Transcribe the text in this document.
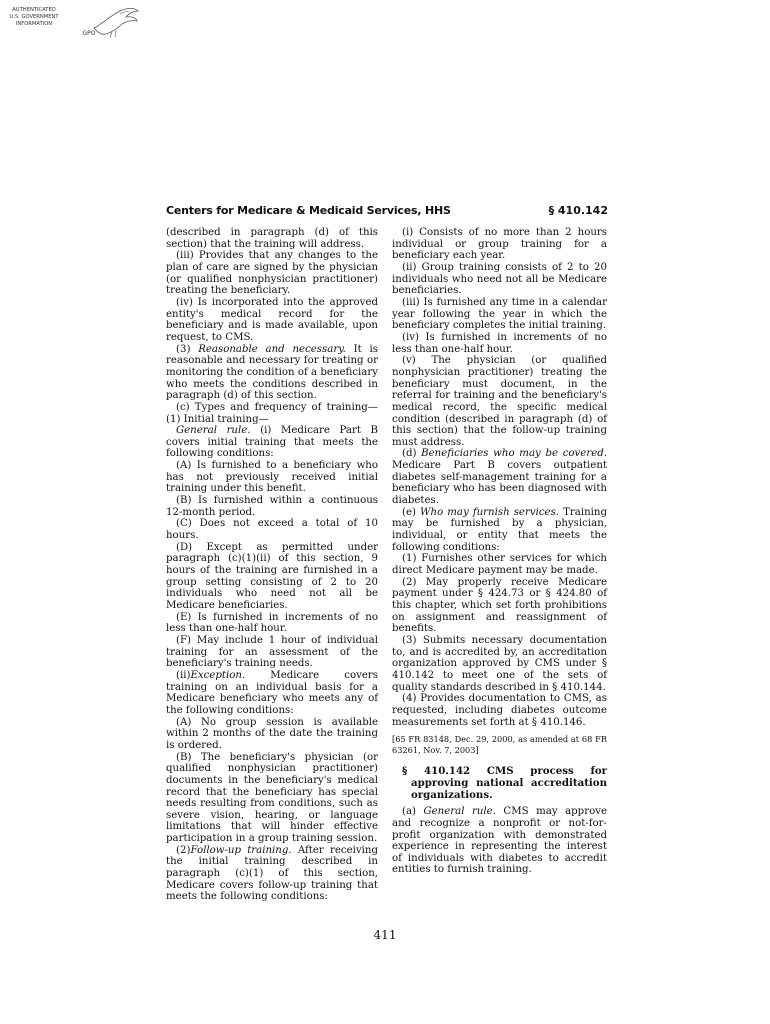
AUTHENTICATED
U.S. GOVERNMENT
INFORMATION
GPO
Centers for Medicare & Medicaid Services, HHS	§ 410.142

(described in paragraph (d) of this section) that the training will address.

(iii) Provides that any changes to the plan of care are signed by the physician (or qualified nonphysician practitioner) treating the beneficiary.

(iv) Is incorporated into the approved entity's medical record for the beneficiary and is made available, upon request, to CMS.

(3) Reasonable and necessary. It is reasonable and necessary for treating or monitoring the condition of a beneficiary who meets the conditions described in paragraph (d) of this section.

(c) Types and frequency of training—(1) Initial training—

General rule. (i) Medicare Part B covers initial training that meets the following conditions:

(A) Is furnished to a beneficiary who has not previously received initial training under this benefit.

(B) Is furnished within a continuous 12-month period.

(C) Does not exceed a total of 10 hours.

(D) Except as permitted under paragraph (c)(1)(ii) of this section, 9 hours of the training are furnished in a group setting consisting of 2 to 20 individuals who need not all be Medicare beneficiaries.

(E) Is furnished in increments of no less than one-half hour.

(F) May include 1 hour of individual training for an assessment of the beneficiary's training needs.

(ii)Exception. Medicare covers training on an individual basis for a Medicare beneficiary who meets any of the following conditions:

(A) No group session is available within 2 months of the date the training is ordered.

(B) The beneficiary's physician (or qualified nonphysician practitioner) documents in the beneficiary's medical record that the beneficiary has special needs resulting from conditions, such as severe vision, hearing, or language limitations that will hinder effective participation in a group training session.

(2)Follow-up training. After receiving the initial training described in paragraph (c)(1) of this section, Medicare covers follow-up training that meets the following conditions:

(i) Consists of no more than 2 hours individual or group training for a beneficiary each year.

(ii) Group training consists of 2 to 20 individuals who need not all be Medicare beneficiaries.

(iii) Is furnished any time in a calendar year following the year in which the beneficiary completes the initial training.

(iv) Is furnished in increments of no less than one-half hour.

(v) The physician (or qualified nonphysician practitioner) treating the beneficiary must document, in the referral for training and the beneficiary's medical record, the specific medical condition (described in paragraph (d) of this section) that the follow-up training must address.

(d) Beneficiaries who may be covered. Medicare Part B covers outpatient diabetes self-management training for a beneficiary who has been diagnosed with diabetes.

(e) Who may furnish services. Training may be furnished by a physician, individual, or entity that meets the following conditions:

(1) Furnishes other services for which direct Medicare payment may be made.

(2) May properly receive Medicare payment under § 424.73 or § 424.80 of this chapter, which set forth prohibitions on assignment and reassignment of benefits.

(3) Submits necessary documentation to, and is accredited by, an accreditation organization approved by CMS under § 410.142 to meet one of the sets of quality standards described in § 410.144.

(4) Provides documentation to CMS, as requested, including diabetes outcome measurements set forth at § 410.146.

[65 FR 83148, Dec. 29, 2000, as amended at 68 FR 63261, Nov. 7, 2003]

§ 410.142 CMS process for approving national accreditation organizations.

(a) General rule. CMS may approve and recognize a nonprofit or not-for-profit organization with demonstrated experience in representing the interest of individuals with diabetes to accredit entities to furnish training.

411
